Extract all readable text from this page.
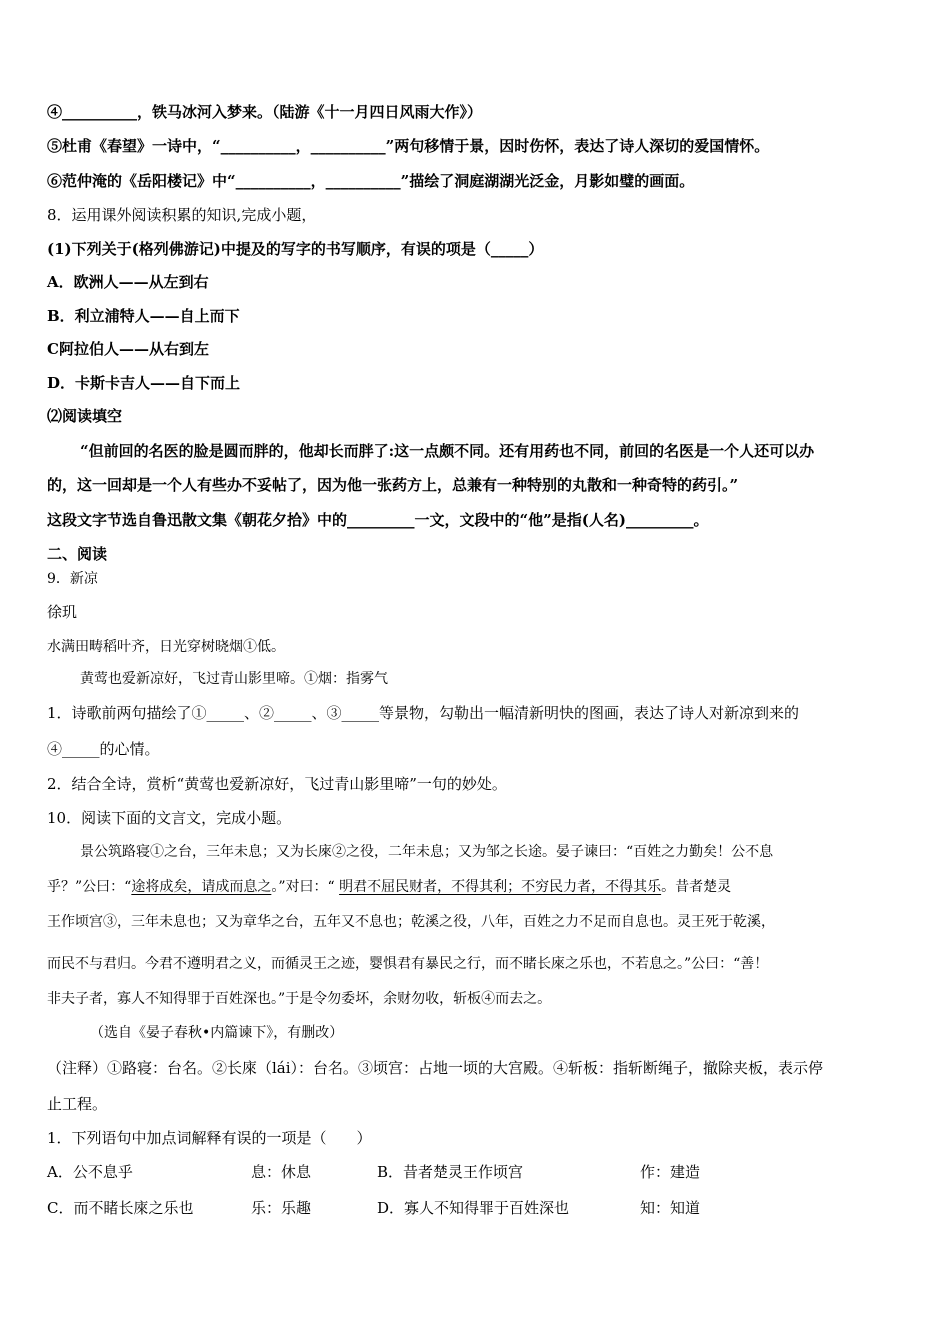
④__________，铁马冰河入梦来。（陆游《十一月四日风雨大作》）
⑤杜甫《春望》一诗中，“__________，__________”两句移情于景，因时伤怀，表达了诗人深切的爱国情怀。
⑥范仲淹的《岳阳楼记》中“__________，__________”描绘了洞庭湖湖光泛金，月影如璧的画面。
8．运用课外阅读积累的知识,完成小题，
(1)下列关于(格列佛游记)中提及的写字的书写顺序，有误的项是（_____）
A．欧洲人——从左到右
B．利立浦特人——自上而下
C阿拉伯人——从右到左
D．卡斯卡吉人——自下而上
⑵阅读填空
“但前回的名医的脸是圆而胖的，他却长而胖了:这一点颇不同。还有用药也不同，前回的名医是一个人还可以办
的，这一回却是一个人有些办不妥帖了，因为他一张药方上，总兼有一种特别的丸散和一种奇特的药引。”
这段文字节选自鲁迅散文集《朝花夕拾》中的_________一文，文段中的“他”是指(人名)_________。
二、阅读
9．新凉
徐玑
水满田畴稻叶齐，日光穿树晓烟①低。
黄莺也爱新凉好，飞过青山影里啼。①烟：指雾气
1．诗歌前两句描绘了①_____、②_____、③_____等景物，勾勒出一幅清新明快的图画，表达了诗人对新凉到来的
④_____的心情。
2．结合全诗，赏析“黄莺也爱新凉好，飞过青山影里啼”一句的妙处。
10．阅读下面的文言文，完成小题。
景公筑路寝①之台，三年未息；又为长庲②之役，二年未息；又为邹之长途。晏子谏曰：“百姓之力勤矣！公不息
乎？”公曰：“途将成矣，请成而息之。”对曰：“ 明君不屈民财者，不得其利；不穷民力者，不得其乐。昔者楚灵
王作顷宫③，三年未息也；又为章华之台，五年又不息也；乾溪之役，八年，百姓之力不足而自息也。灵王死于乾溪，
而民不与君归。今君不遵明君之义，而循灵王之迹，婴惧君有暴民之行，而不睹长庲之乐也，不若息之。”公曰：“善！
非夫子者，寡人不知得罪于百姓深也。”于是令勿委坏，余财勿收，斩板④而去之。
（选自《晏子春秋•内篇谏下》，有删改）
（注释）①路寝：台名。②长庲（lái）：台名。③顷宫：占地一顷的大宫殿。④斩板：指斩断绳子，撤除夹板，表示停
止工程。
1．下列语句中加点词解释有误的一项是（　　）
A．公不息乎	息：休息	B．昔者楚灵王作顷宫	作：建造
C．而不睹长庲之乐也	乐：乐趣	D．寡人不知得罪于百姓深也	知：知道
